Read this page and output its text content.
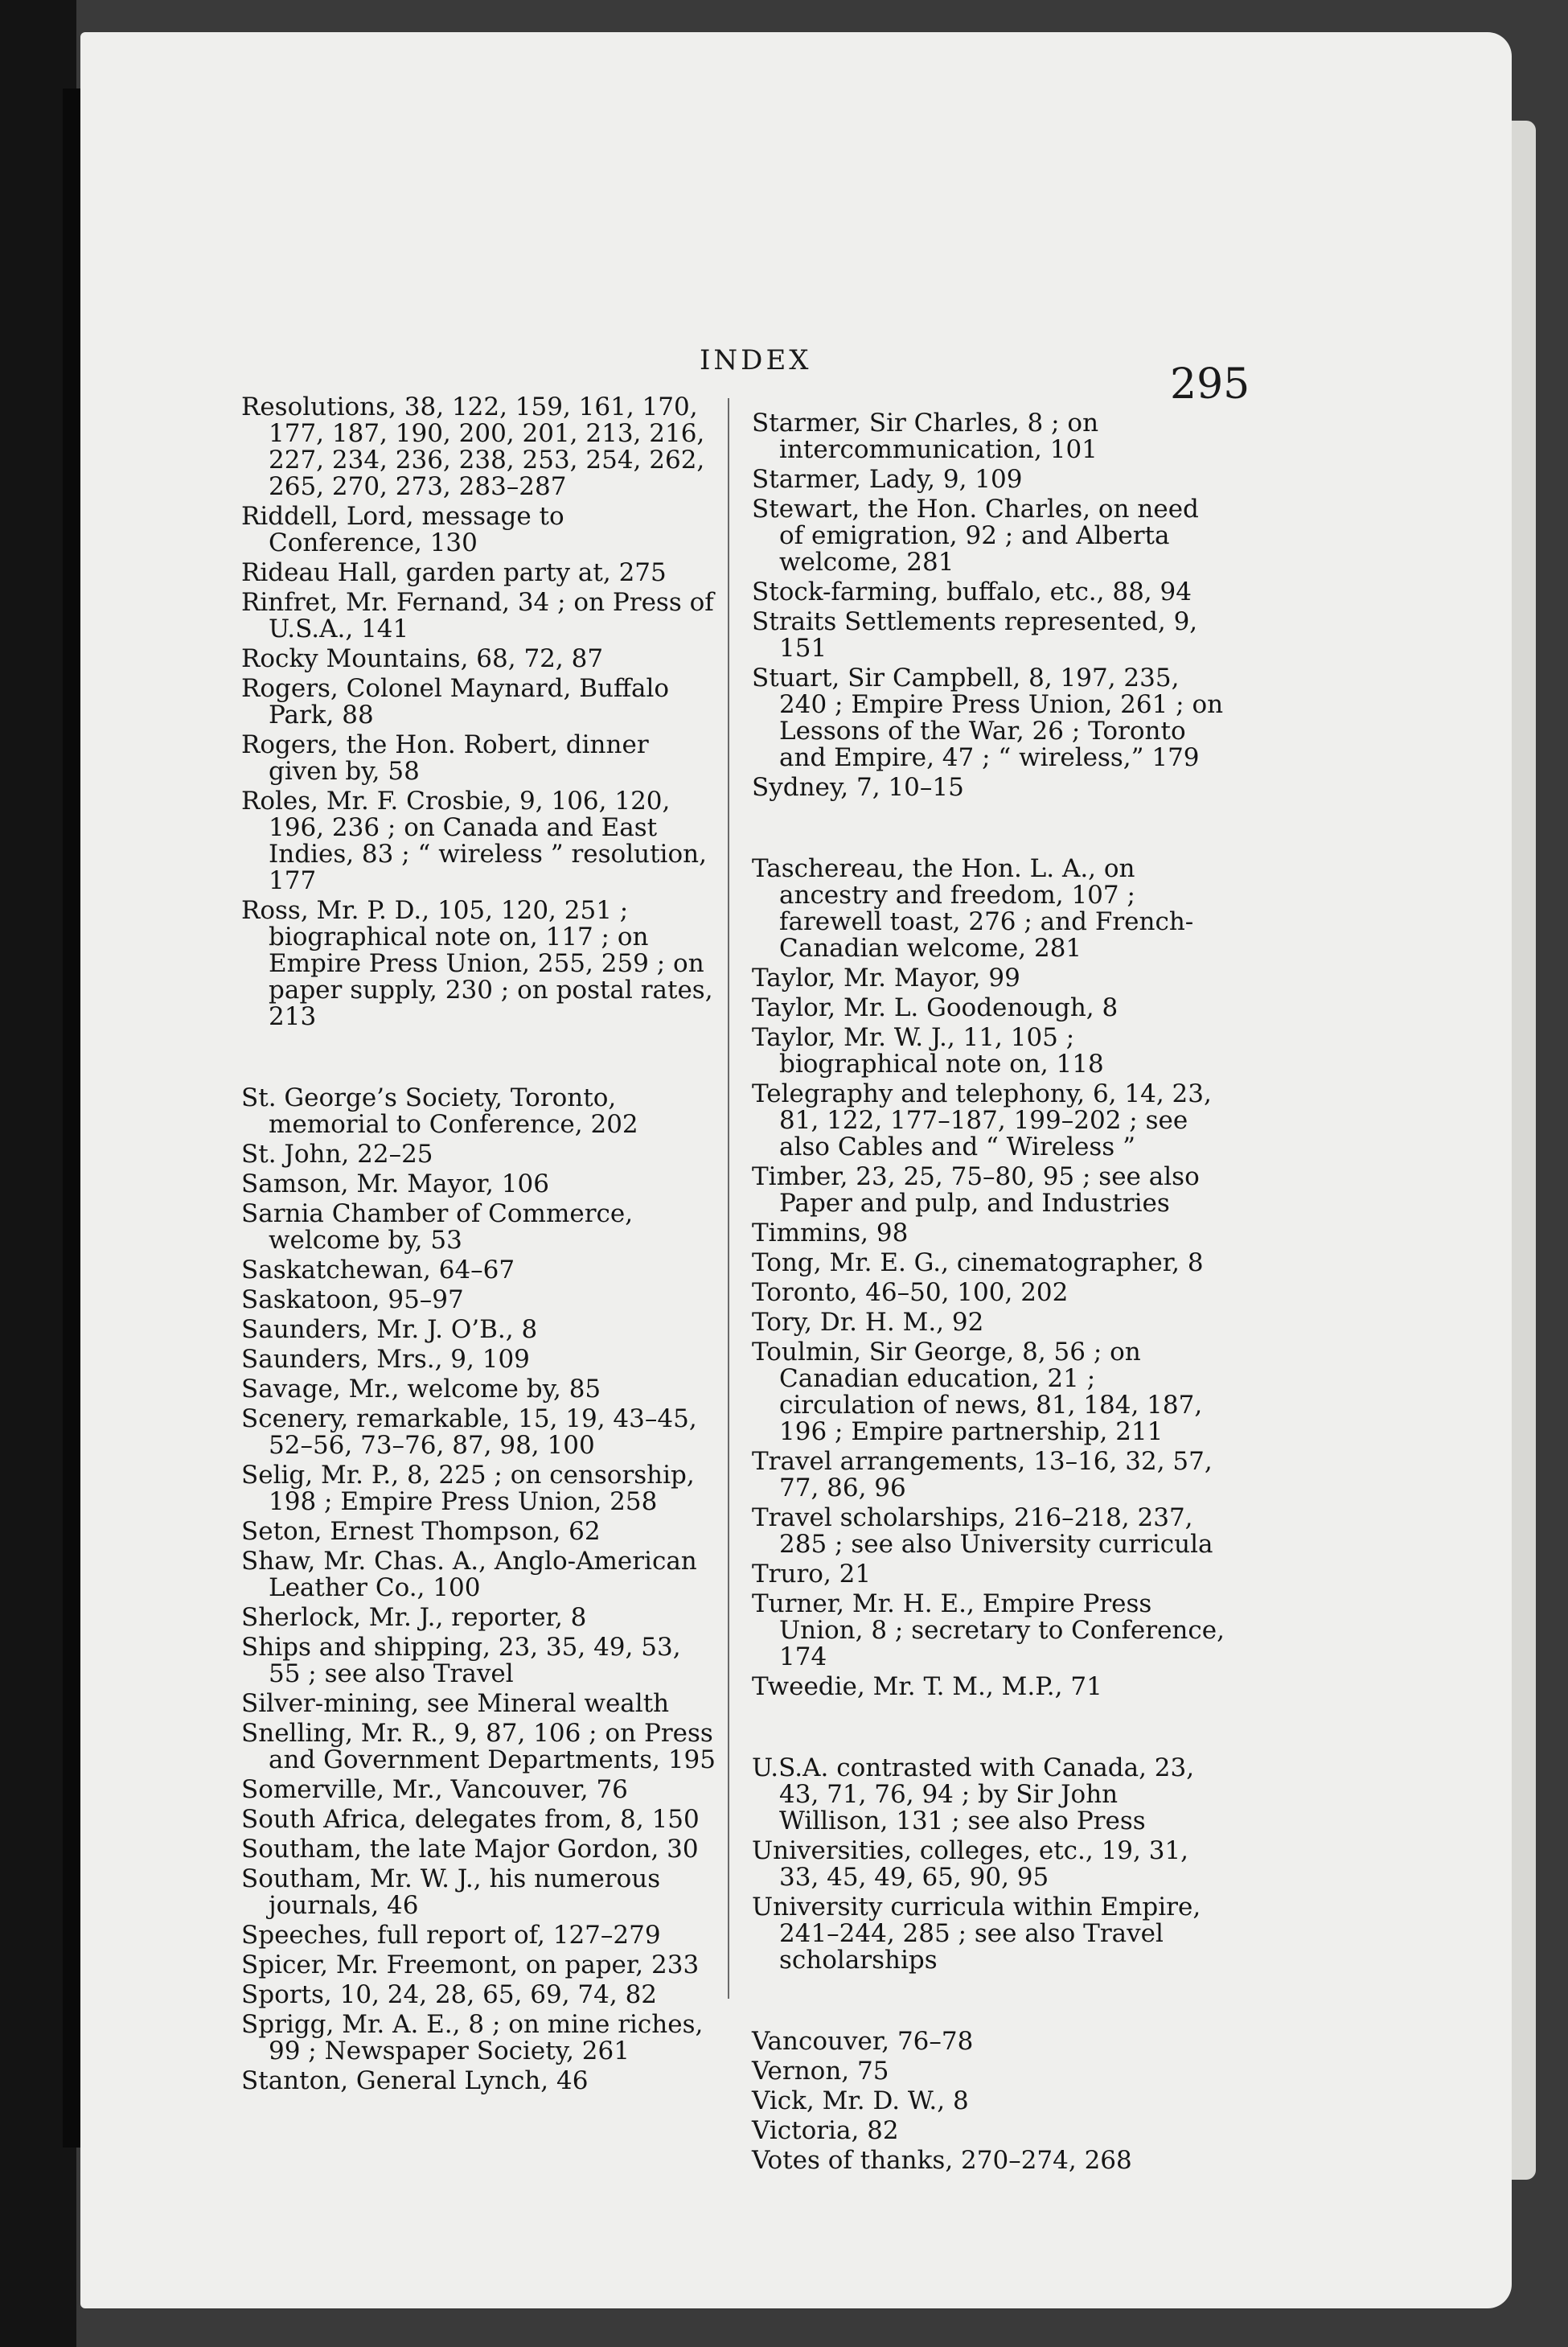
INDEX	295
Resolutions, 38, 122, 159, 161, 170, 177, 187, 190, 200, 201, 213, 216, 227, 234, 236, 238, 253, 254, 262, 265, 270, 273, 283–287
Riddell, Lord, message to Conference, 130
Rideau Hall, garden party at, 275
Rinfret, Mr. Fernand, 34 ; on Press of U.S.A., 141
Rocky Mountains, 68, 72, 87
Rogers, Colonel Maynard, Buffalo Park, 88
Rogers, the Hon. Robert, dinner given by, 58
Roles, Mr. F. Crosbie, 9, 106, 120, 196, 236 ; on Canada and East Indies, 83 ; “ wireless ” resolution, 177
Ross, Mr. P. D., 105, 120, 251 ; biographical note on, 117 ; on Empire Press Union, 255, 259 ; on paper supply, 230 ; on postal rates, 213
St. George’s Society, Toronto, memorial to Conference, 202
St. John, 22–25
Samson, Mr. Mayor, 106
Sarnia Chamber of Commerce, welcome by, 53
Saskatchewan, 64–67
Saskatoon, 95–97
Saunders, Mr. J. O’B., 8
Saunders, Mrs., 9, 109
Savage, Mr., welcome by, 85
Scenery, remarkable, 15, 19, 43–45, 52–56, 73–76, 87, 98, 100
Selig, Mr. P., 8, 225 ; on censorship, 198 ; Empire Press Union, 258
Seton, Ernest Thompson, 62
Shaw, Mr. Chas. A., Anglo-American Leather Co., 100
Sherlock, Mr. J., reporter, 8
Ships and shipping, 23, 35, 49, 53, 55 ; see also Travel
Silver-mining, see Mineral wealth
Snelling, Mr. R., 9, 87, 106 ; on Press and Government Departments, 195
Somerville, Mr., Vancouver, 76
South Africa, delegates from, 8, 150
Southam, the late Major Gordon, 30
Southam, Mr. W. J., his numerous journals, 46
Speeches, full report of, 127–279
Spicer, Mr. Freemont, on paper, 233
Sports, 10, 24, 28, 65, 69, 74, 82
Sprigg, Mr. A. E., 8 ; on mine riches, 99 ; Newspaper Society, 261
Stanton, General Lynch, 46
Starmer, Sir Charles, 8 ; on intercommunication, 101
Starmer, Lady, 9, 109
Stewart, the Hon. Charles, on need of emigration, 92 ; and Alberta welcome, 281
Stock-farming, buffalo, etc., 88, 94
Straits Settlements represented, 9, 151
Stuart, Sir Campbell, 8, 197, 235, 240 ; Empire Press Union, 261 ; on Lessons of the War, 26 ; Toronto and Empire, 47 ; “ wireless,” 179
Sydney, 7, 10–15
Taschereau, the Hon. L. A., on ancestry and freedom, 107 ; farewell toast, 276 ; and French-Canadian welcome, 281
Taylor, Mr. Mayor, 99
Taylor, Mr. L. Goodenough, 8
Taylor, Mr. W. J., 11, 105 ; biographical note on, 118
Telegraphy and telephony, 6, 14, 23, 81, 122, 177–187, 199–202 ; see also Cables and “ Wireless ”
Timber, 23, 25, 75–80, 95 ; see also Paper and pulp, and Industries
Timmins, 98
Tong, Mr. E. G., cinematographer, 8
Toronto, 46–50, 100, 202
Tory, Dr. H. M., 92
Toulmin, Sir George, 8, 56 ; on Canadian education, 21 ; circulation of news, 81, 184, 187, 196 ; Empire partnership, 211
Travel arrangements, 13–16, 32, 57, 77, 86, 96
Travel scholarships, 216–218, 237, 285 ; see also University curricula
Truro, 21
Turner, Mr. H. E., Empire Press Union, 8 ; secretary to Conference, 174
Tweedie, Mr. T. M., M.P., 71
U.S.A. contrasted with Canada, 23, 43, 71, 76, 94 ; by Sir John Willison, 131 ; see also Press
Universities, colleges, etc., 19, 31, 33, 45, 49, 65, 90, 95
University curricula within Empire, 241–244, 285 ; see also Travel scholarships
Vancouver, 76–78
Vernon, 75
Vick, Mr. D. W., 8
Victoria, 82
Votes of thanks, 270–274, 268
